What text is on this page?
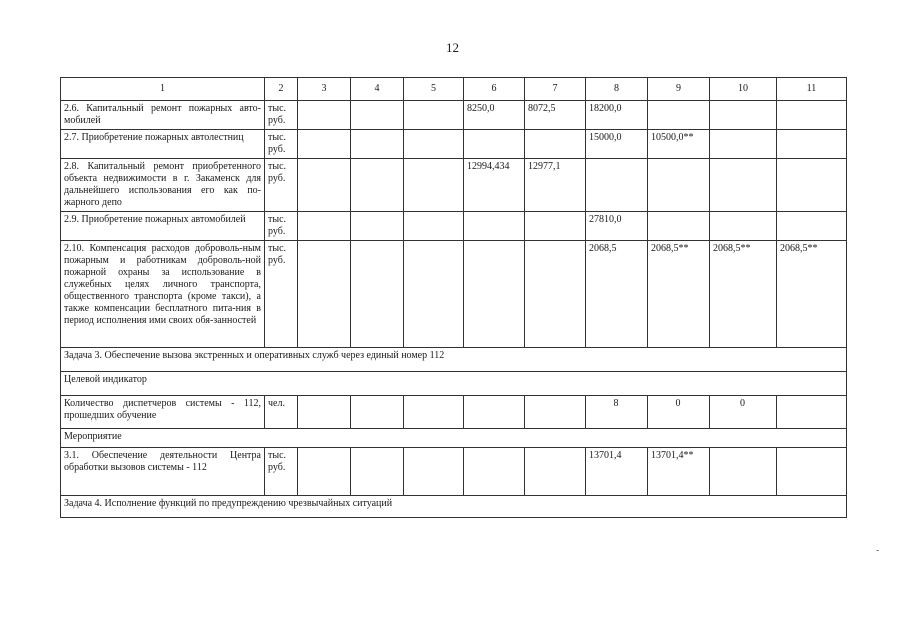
12
1	2	3	4	5	6	7	8	9	10	11
2.6. Капитальный ремонт пожарных авто-мобилей	тыс. руб.				8250,0	8072,5	18200,0			
2.7. Приобретение пожарных автолестниц	тыс. руб.						15000,0	10500,0**		
2.8. Капитальный ремонт приобретенного объекта недвижимости в г. Закаменск для дальнейшего использования его как по-жарного депо	тыс. руб.				12994,434	12977,1				
2.9. Приобретение пожарных автомобилей	тыс. руб.						27810,0			
2.10. Компенсация расходов доброволь-ным пожарным и работникам доброволь-ной пожарной охраны за использование в служебных целях личного транспорта, общественного транспорта (кроме такси), а также компенсации бесплатного пита-ния в период исполнения ими своих обя-занностей	тыс. руб.						2068,5	2068,5**	2068,5**	2068,5**
Задача 3. Обеспечение вызова экстренных и оперативных служб через единый номер 112										
Целевой индикатор										
Количество диспетчеров системы - 112, прошедших обучение	чел.						8	0	0	
Мероприятие										
3.1. Обеспечение деятельности Центра обработки вызовов системы - 112	тыс. руб.						13701,4	13701,4**		
Задача 4. Исполнение функций по предупреждению чрезвычайных ситуаций										
-
